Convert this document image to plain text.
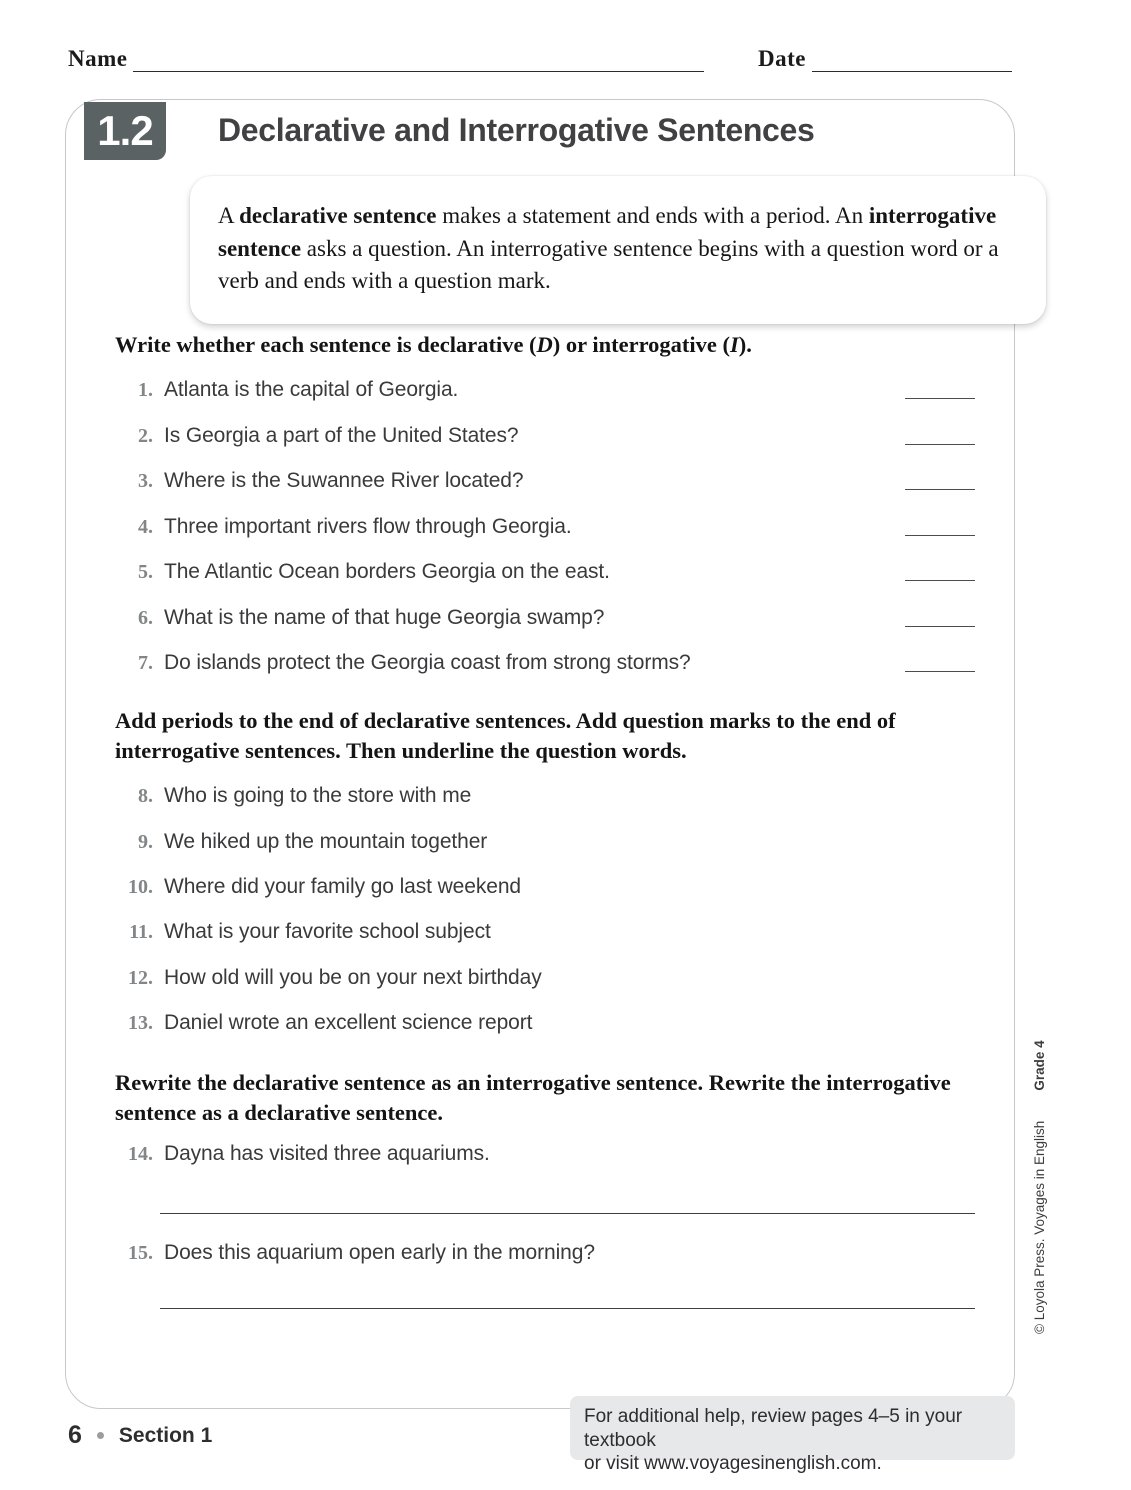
Name	Date
1.2	Declarative and Interrogative Sentences
A declarative sentence makes a statement and ends with a period. An interrogative sentence asks a question. An interrogative sentence begins with a question word or a verb and ends with a question mark.
Write whether each sentence is declarative (D) or interrogative (I).
1. Atlanta is the capital of Georgia.
2. Is Georgia a part of the United States?
3. Where is the Suwannee River located?
4. Three important rivers flow through Georgia.
5. The Atlantic Ocean borders Georgia on the east.
6. What is the name of that huge Georgia swamp?
7. Do islands protect the Georgia coast from strong storms?
Add periods to the end of declarative sentences. Add question marks to the end of interrogative sentences. Then underline the question words.
8. Who is going to the store with me
9. We hiked up the mountain together
10. Where did your family go last weekend
11. What is your favorite school subject
12. How old will you be on your next birthday
13. Daniel wrote an excellent science report
Rewrite the declarative sentence as an interrogative sentence. Rewrite the interrogative sentence as a declarative sentence.
14. Dayna has visited three aquariums.
15. Does this aquarium open early in the morning?	© Loyola Press. Voyages in EnglishGrade 4
For additional help, review pages 4–5 in your textbook
or visit www.voyagesinenglish.com.
6 Section 1
